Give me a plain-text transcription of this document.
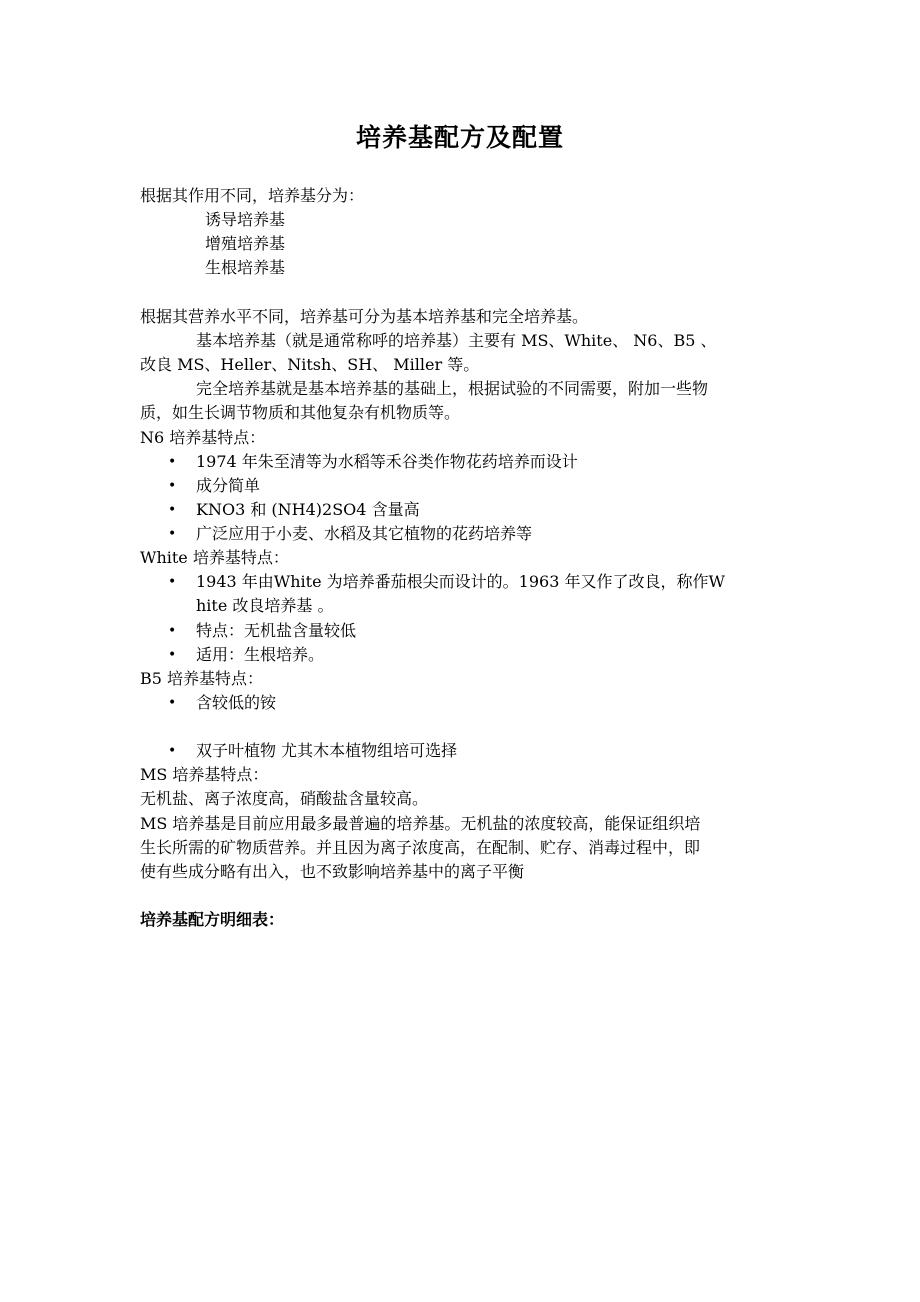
培养基配方及配置
根据其作用不同，培养基分为：
诱导培养基
增殖培养基
生根培养基
根据其营养水平不同，培养基可分为基本培养基和完全培养基。
基本培养基（就是通常称呼的培养基）主要有 MS、White、 N6、B5 、
改良 MS、Heller、Nitsh、SH、 Miller 等。
完全培养基就是基本培养基的基础上，根据试验的不同需要，附加一些物
质，如生长调节物质和其他复杂有机物质等。
N6 培养基特点：
• 1974 年朱至清等为水稻等禾谷类作物花药培养而设计
• 成分简单
• KNO3 和 (NH4)2SO4 含量高
• 广泛应用于小麦、水稻及其它植物的花药培养等
White 培养基特点：
• 1943 年由White 为培养番茄根尖而设计的。1963 年又作了改良，称作W
hite 改良培养基 。
• 特点：无机盐含量较低
• 适用：生根培养。
B5 培养基特点：
• 含较低的铵
• 双子叶植物 尤其木本植物组培可选择
MS 培养基特点：
无机盐、离子浓度高，硝酸盐含量较高。
MS 培养基是目前应用最多最普遍的培养基。无机盐的浓度较高，能保证组织培
生长所需的矿物质营养。并且因为离子浓度高，在配制、贮存、消毒过程中，即
使有些成分略有出入，也不致影响培养基中的离子平衡
培养基配方明细表：
